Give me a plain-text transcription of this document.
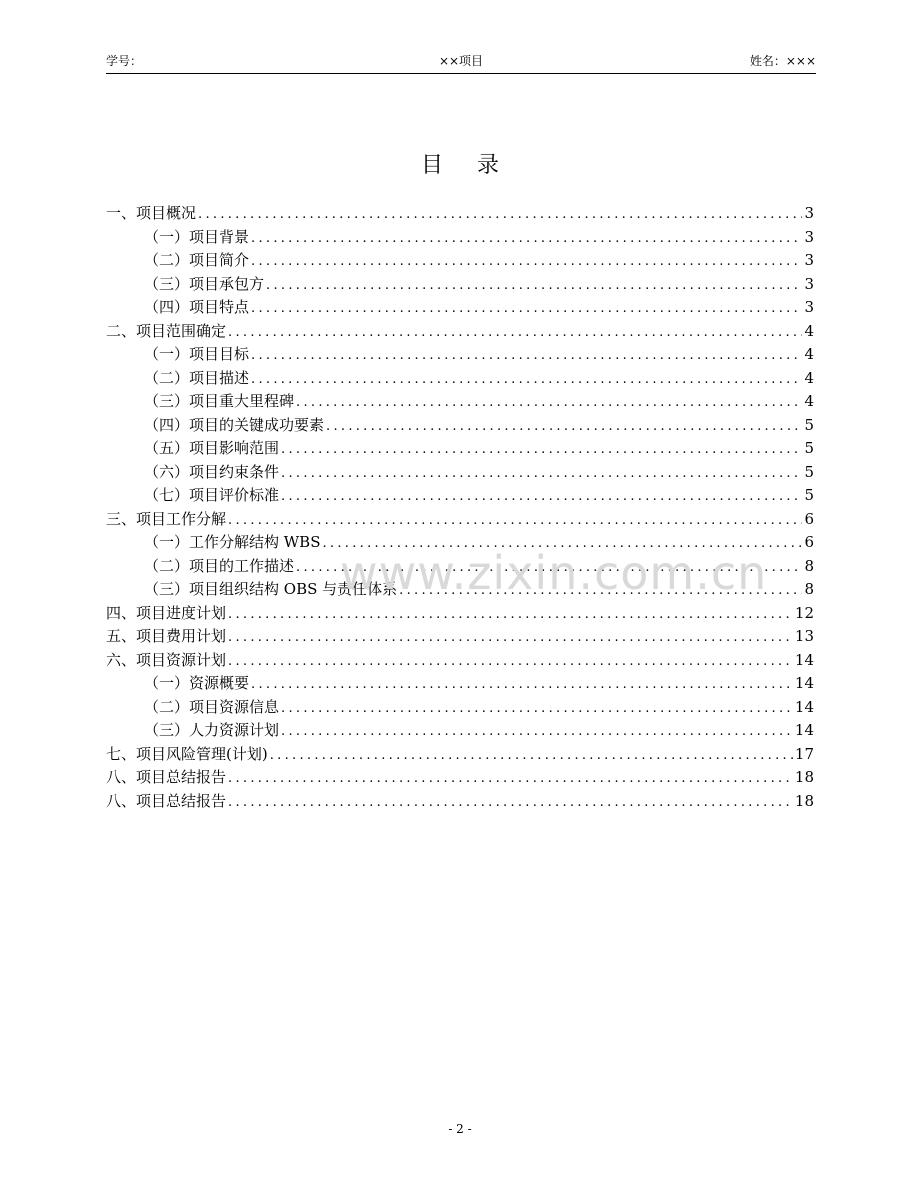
学号：	××项目	姓名：×××
目录
一、项目概况 .....	3
（一）项目背景 .....	3
（二）项目简介 .....	3
（三）项目承包方 .....	3
（四）项目特点 .....	3
二、项目范围确定 .....	4
（一）项目目标 .....	4
（二）项目描述 .....	4
（三）项目重大里程碑 .....	4
（四）项目的关键成功要素 .....	5
（五）项目影响范围 .....	5
（六）项目约束条件 .....	5
（七）项目评价标准 .....	5
三、项目工作分解 .....	6
（一）工作分解结构 WBS .....	6
（二）项目的工作描述 .....	8
（三）项目组织结构 OBS 与责任体系 .....	8
四、项目进度计划 .....	12
五、项目费用计划 .....	13
六、项目资源计划 .....	14
（一）资源概要 .....	14
（二）项目资源信息 .....	14
（三）人力资源计划 .....	14
七、项目风险管理(计划) .....	17
八、项目总结报告 .....	18
八、项目总结报告 .....	18
www.zixin.com.cn
- 2 -
